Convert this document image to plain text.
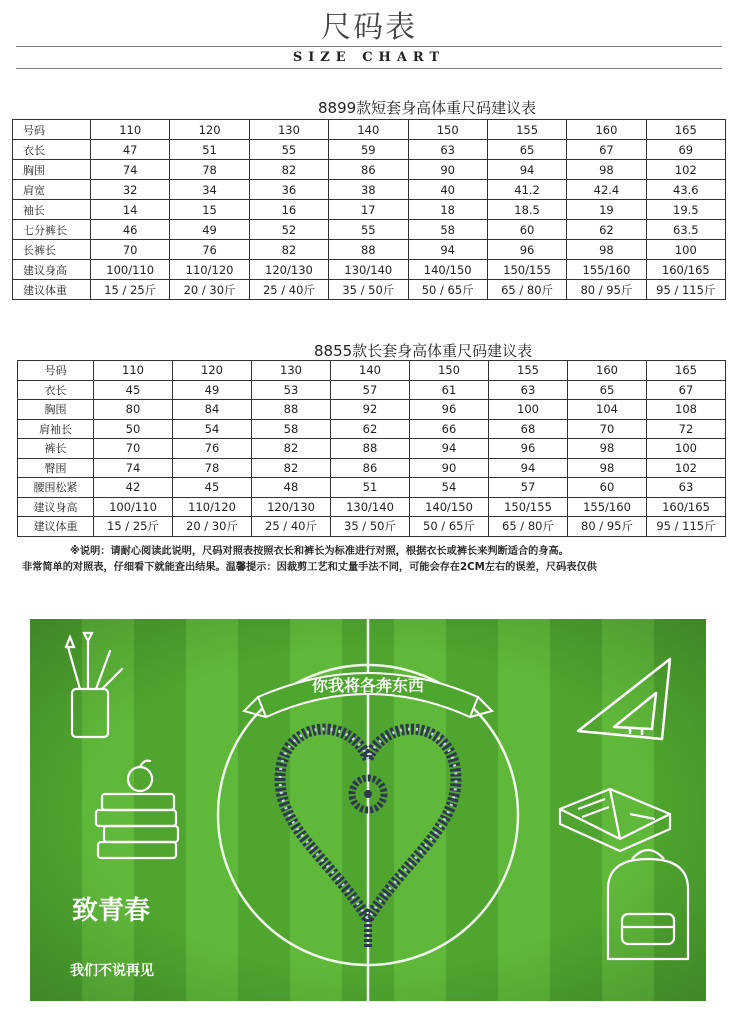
尺码表
SIZE CHART
8899款短套身高体重尺码建议表
号码	110	120	130	140	150	155	160	165
衣长	47	51	55	59	63	65	67	69
胸围	74	78	82	86	90	94	98	102
肩宽	32	34	36	38	40	41.2	42.4	43.6
袖长	14	15	16	17	18	18.5	19	19.5
七分裤长	46	49	52	55	58	60	62	63.5
长裤长	70	76	82	88	94	96	98	100
建议身高	100/110	110/120	120/130	130/140	140/150	150/155	155/160	160/165
建议体重	15 / 25斤	20 / 30斤	25 / 40斤	35 / 50斤	50 / 65斤	65 / 80斤	80 / 95斤	95 / 115斤
8855款长套身高体重尺码建议表
号码	110	120	130	140	150	155	160	165
衣长	45	49	53	57	61	63	65	67
胸围	80	84	88	92	96	100	104	108
肩袖长	50	54	58	62	66	68	70	72
裤长	70	76	82	88	94	96	98	100
臀围	74	78	82	86	90	94	98	102
腰围松紧	42	45	48	51	54	57	60	63
建议身高	100/110	110/120	120/130	130/140	140/150	150/155	155/160	160/165
建议体重	15 / 25斤	20 / 30斤	25 / 40斤	35 / 50斤	50 / 65斤	65 / 80斤	80 / 95斤	95 / 115斤
※说明：请耐心阅读此说明，尺码对照表按照衣长和裤长为标准进行对照，根据衣长或裤长来判断适合的身高。
非常简单的对照表，仔细看下就能查出结果。温馨提示：因裁剪工艺和丈量手法不同，可能会存在2CM左右的误差，尺码表仅供
你我将各奔东西
致青春
我们不说再见
